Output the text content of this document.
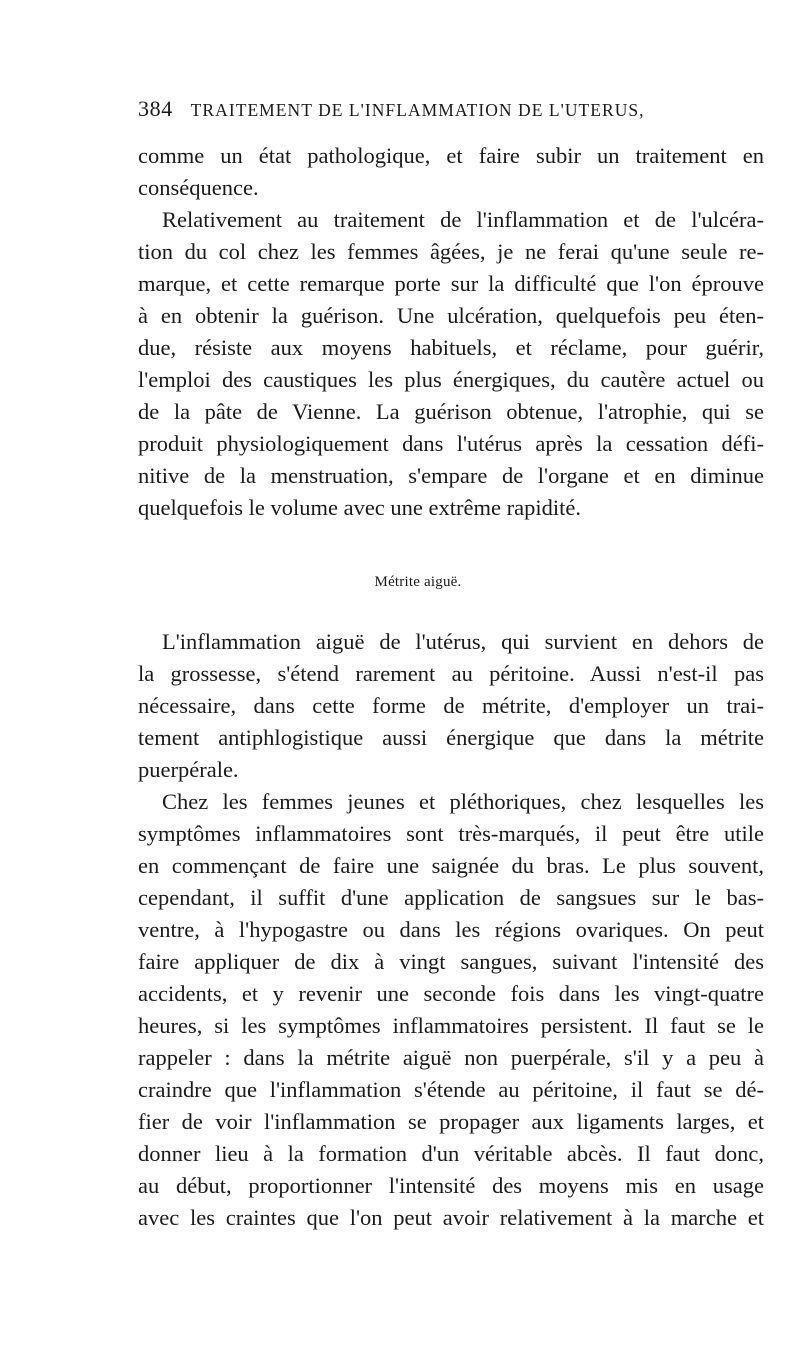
384 TRAITEMENT DE L'INFLAMMATION DE L'UTERUS,
comme un état pathologique, et faire subir un traitement en
conséquence.
Relativement au traitement de l'inflammation et de l'ulcéra-
tion du col chez les femmes âgées, je ne ferai qu'une seule re-
marque, et cette remarque porte sur la difficulté que l'on éprouve
à en obtenir la guérison. Une ulcération, quelquefois peu éten-
due, résiste aux moyens habituels, et réclame, pour guérir,
l'emploi des caustiques les plus énergiques, du cautère actuel ou
de la pâte de Vienne. La guérison obtenue, l'atrophie, qui se
produit physiologiquement dans l'utérus après la cessation défi-
nitive de la menstruation, s'empare de l'organe et en diminue
quelquefois le volume avec une extrême rapidité.
Métrite aiguë.
L'inflammation aiguë de l'utérus, qui survient en dehors de
la grossesse, s'étend rarement au péritoine. Aussi n'est-il pas
nécessaire, dans cette forme de métrite, d'employer un trai-
tement antiphlogistique aussi énergique que dans la métrite
puerpérale.
Chez les femmes jeunes et pléthoriques, chez lesquelles les
symptômes inflammatoires sont très-marqués, il peut être utile
en commençant de faire une saignée du bras. Le plus souvent,
cependant, il suffit d'une application de sangsues sur le bas-
ventre, à l'hypogastre ou dans les régions ovariques. On peut
faire appliquer de dix à vingt sangues, suivant l'intensité des
accidents, et y revenir une seconde fois dans les vingt-quatre
heures, si les symptômes inflammatoires persistent. Il faut se le
rappeler : dans la métrite aiguë non puerpérale, s'il y a peu à
craindre que l'inflammation s'étende au péritoine, il faut se dé-
fier de voir l'inflammation se propager aux ligaments larges, et
donner lieu à la formation d'un véritable abcès. Il faut donc,
au début, proportionner l'intensité des moyens mis en usage
avec les craintes que l'on peut avoir relativement à la marche et
